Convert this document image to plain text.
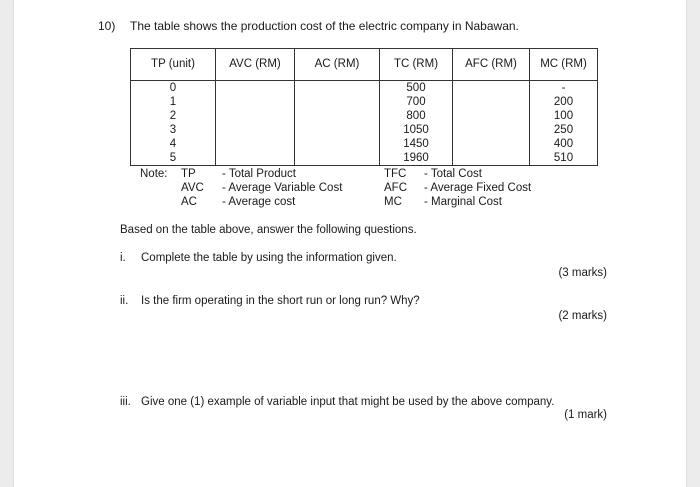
10) The table shows the production cost of the electric company in Nabawan.
TP (unit)	AVC (RM)	AC (RM)	TC (RM)	AFC (RM)	MC (RM)
0			500		-
1			700		200
2			800		100
3			1050		250
4			1450		400
5			1960		510
Note: TP - Total Product
AVC - Average Variable Cost
AC - Average cost
TFC - Total Cost
AFC - Average Fixed Cost
MC - Marginal Cost
Based on the table above, answer the following questions.
i. Complete the table by using the information given.
(3 marks)
ii. Is the firm operating in the short run or long run? Why?
(2 marks)
iii. Give one (1) example of variable input that might be used by the above company.
(1 mark)
